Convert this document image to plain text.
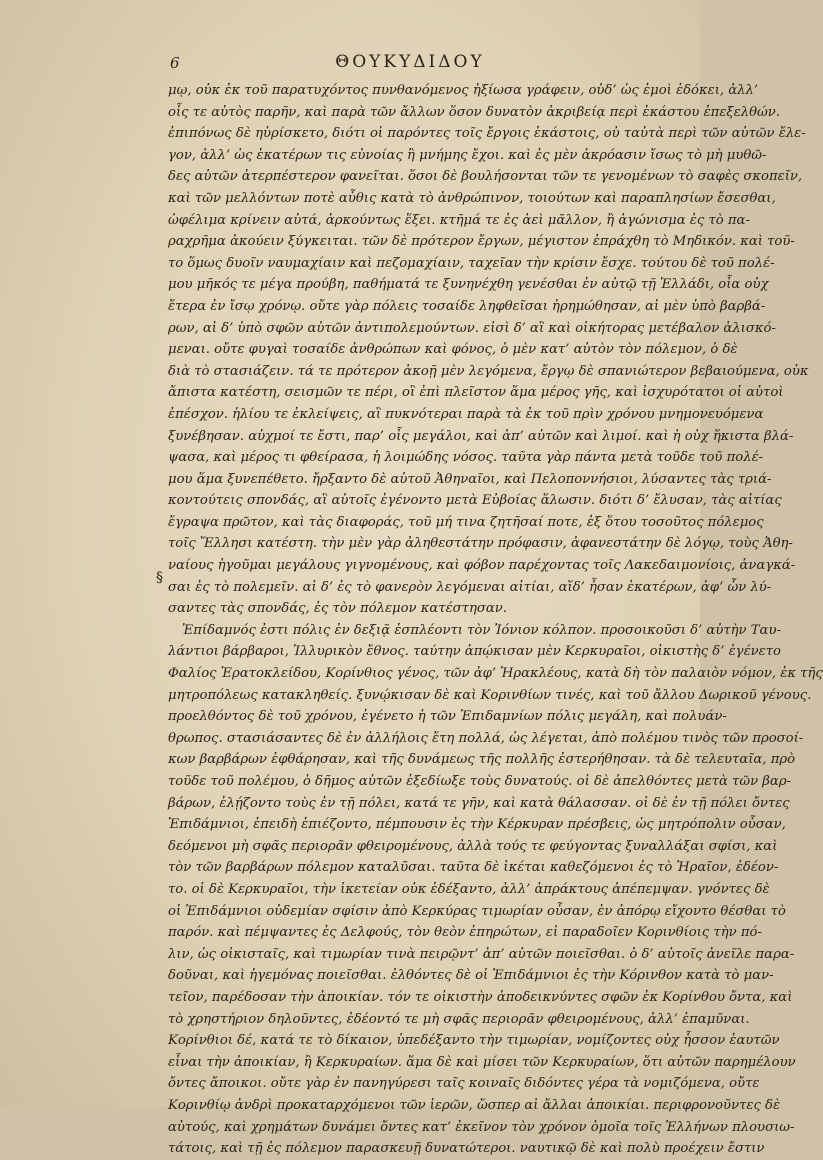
6	ΘΟΥΚΥΔΙΔΟΥ
§
μῳ, οὐκ ἐκ τοῦ παρατυχόντος πυνθανόμενος ἠξίωσα γράφειν, οὐδ’ ὡς ἐμοὶ ἐδόκει, ἀλλ’
οἷς τε αὐτὸς παρῆν, καὶ παρὰ τῶν ἄλλων ὅσον δυνατὸν ἀκριβείᾳ περὶ ἑκάστου ἐπεξελθών.
ἐπιπόνως δὲ ηὑρίσκετο, διότι οἱ παρόντες τοῖς ἔργοις ἑκάστοις, οὐ ταὐτὰ περὶ τῶν αὐτῶν ἔλε-
γον, ἀλλ’ ὡς ἑκατέρων τις εὐνοίας ἢ μνήμης ἔχοι. καὶ ἐς μὲν ἀκρόασιν ἴσως τὸ μὴ μυθῶ-
δες αὐτῶν ἀτερπέστερον φανεῖται. ὅσοι δὲ βουλήσονται τῶν τε γενομένων τὸ σαφὲς σκοπεῖν,
καὶ τῶν μελλόντων ποτὲ αὖθις κατὰ τὸ ἀνθρώπινον, τοιούτων καὶ παραπλησίων ἔσεσθαι,
ὠφέλιμα κρίνειν αὐτά, ἀρκούντως ἕξει. κτῆμά τε ἐς ἀεὶ μᾶλλον, ἢ ἀγώνισμα ἐς τὸ πα-
ραχρῆμα ἀκούειν ξύγκειται. τῶν δὲ πρότερον ἔργων, μέγιστον ἐπράχθη τὸ Μηδικόν. καὶ τοῦ-
το ὅμως δυοῖν ναυμαχίαιν καὶ πεζομαχίαιν, ταχεῖαν τὴν κρίσιν ἔσχε. τούτου δὲ τοῦ πολέ-
μου μῆκός τε μέγα προύβη, παθήματά τε ξυνηνέχθη γενέσθαι ἐν αὐτῷ τῇ Ἑλλάδι, οἷα οὐχ
ἕτερα ἐν ἴσῳ χρόνῳ. οὔτε γὰρ πόλεις τοσαίδε ληφθεῖσαι ἠρημώθησαν, αἱ μὲν ὑπὸ βαρβά-
ρων, αἱ δ’ ὑπὸ σφῶν αὐτῶν ἀντιπολεμούντων. εἰσὶ δ’ αἳ καὶ οἰκήτορας μετέβαλον ἁλισκό-
μεναι. οὔτε φυγαὶ τοσαίδε ἀνθρώπων καὶ φόνος, ὁ μὲν κατ’ αὐτὸν τὸν πόλεμον, ὁ δὲ
διὰ τὸ στασιάζειν. τά τε πρότερον ἀκοῇ μὲν λεγόμενα, ἔργῳ δὲ σπανιώτερον βεβαιούμενα, οὐκ
ἄπιστα κατέστη, σεισμῶν τε πέρι, οἳ ἐπὶ πλεῖστον ἅμα μέρος γῆς, καὶ ἰσχυρότατοι οἱ αὐτοὶ
ἐπέσχον. ἡλίου τε ἐκλείψεις, αἳ πυκνότεραι παρὰ τὰ ἐκ τοῦ πρὶν χρόνου μνημονευόμενα
ξυνέβησαν. αὐχμοί τε ἔστι, παρ’ οἷς μεγάλοι, καὶ ἀπ’ αὐτῶν καὶ λιμοί. καὶ ἡ οὐχ ἥκιστα βλά-
ψασα, καὶ μέρος τι φθείρασα, ἡ λοιμώδης νόσος. ταῦτα γὰρ πάντα μετὰ τοῦδε τοῦ πολέ-
μου ἅμα ξυνεπέθετο. ἤρξαντο δὲ αὐτοῦ Ἀθηναῖοι, καὶ Πελοποννήσιοι, λύσαντες τὰς τριά-
κοντούτεις σπονδάς, αἳ αὐτοῖς ἐγένοντο μετὰ Εὐβοίας ἅλωσιν. διότι δ’ ἔλυσαν, τὰς αἰτίας
ἔγραψα πρῶτον, καὶ τὰς διαφοράς, τοῦ μή τινα ζητῆσαί ποτε, ἐξ ὅτου τοσοῦτος πόλεμος
τοῖς Ἕλλησι κατέστη. τὴν μὲν γὰρ ἀληθεστάτην πρόφασιν, ἀφανεστάτην δὲ λόγῳ, τοὺς Ἀθη-
ναίους ἡγοῦμαι μεγάλους γιγνομένους, καὶ φόβον παρέχοντας τοῖς Λακεδαιμονίοις, ἀναγκά-
σαι ἐς τὸ πολεμεῖν. αἱ δ’ ἐς τὸ φανερὸν λεγόμεναι αἰτίαι, αἵδ’ ἦσαν ἑκατέρων, ἀφ’ ὧν λύ-
σαντες τὰς σπονδάς, ἐς τὸν πόλεμον κατέστησαν.
Ἐπίδαμνός ἐστι πόλις ἐν δεξιᾷ ἐσπλέοντι τὸν Ἰόνιον κόλπον. προσοικοῦσι δ’ αὐτὴν Ταυ-
λάντιοι βάρβαροι, Ἰλλυρικὸν ἔθνος. ταύτην ἀπῴκισαν μὲν Κερκυραῖοι, οἰκιστὴς δ’ ἐγένετο
Φαλίος Ἐρατοκλείδου, Κορίνθιος γένος, τῶν ἀφ’ Ἡρακλέους, κατὰ δὴ τὸν παλαιὸν νόμον, ἐκ τῆς
μητροπόλεως κατακληθείς. ξυνῴκισαν δὲ καὶ Κορινθίων τινές, καὶ τοῦ ἄλλου Δωρικοῦ γένους.
προελθόντος δὲ τοῦ χρόνου, ἐγένετο ἡ τῶν Ἐπιδαμνίων πόλις μεγάλη, καὶ πολυάν-
θρωπος. στασιάσαντες δὲ ἐν ἀλλήλοις ἔτη πολλά, ὡς λέγεται, ἀπὸ πολέμου τινὸς τῶν προσοί-
κων βαρβάρων ἐφθάρησαν, καὶ τῆς δυνάμεως τῆς πολλῆς ἐστερήθησαν. τὰ δὲ τελευταῖα, πρὸ
τοῦδε τοῦ πολέμου, ὁ δῆμος αὐτῶν ἐξεδίωξε τοὺς δυνατούς. οἱ δὲ ἀπελθόντες μετὰ τῶν βαρ-
βάρων, ἐλῄζοντο τοὺς ἐν τῇ πόλει, κατά τε γῆν, καὶ κατὰ θάλασσαν. οἱ δὲ ἐν τῇ πόλει ὄντες
Ἐπιδάμνιοι, ἐπειδὴ ἐπιέζοντο, πέμπουσιν ἐς τὴν Κέρκυραν πρέσβεις, ὡς μητρόπολιν οὖσαν,
δεόμενοι μὴ σφᾶς περιορᾶν φθειρομένους, ἀλλὰ τούς τε φεύγοντας ξυναλλάξαι σφίσι, καὶ
τὸν τῶν βαρβάρων πόλεμον καταλῦσαι. ταῦτα δὲ ἱκέται καθεζόμενοι ἐς τὸ Ἡραῖον, ἐδέον-
το. οἱ δὲ Κερκυραῖοι, τὴν ἱκετείαν οὐκ ἐδέξαντο, ἀλλ’ ἀπράκτους ἀπέπεμψαν. γνόντες δὲ
οἱ Ἐπιδάμνιοι οὐδεμίαν σφίσιν ἀπὸ Κερκύρας τιμωρίαν οὖσαν, ἐν ἀπόρῳ εἴχοντο θέσθαι τὸ
παρόν. καὶ πέμψαντες ἐς Δελφούς, τὸν θεὸν ἐπηρώτων, εἰ παραδοῖεν Κορινθίοις τὴν πό-
λιν, ὡς οἰκισταῖς, καὶ τιμωρίαν τινὰ πειρῷντ’ ἀπ’ αὐτῶν ποιεῖσθαι. ὁ δ’ αὐτοῖς ἀνεῖλε παρα-
δοῦναι, καὶ ἡγεμόνας ποιεῖσθαι. ἐλθόντες δὲ οἱ Ἐπιδάμνιοι ἐς τὴν Κόρινθον κατὰ τὸ μαν-
τεῖον, παρέδοσαν τὴν ἀποικίαν. τόν τε οἰκιστὴν ἀποδεικνύντες σφῶν ἐκ Κορίνθου ὄντα, καὶ
τὸ χρηστήριον δηλοῦντες, ἐδέοντό τε μὴ σφᾶς περιορᾶν φθειρομένους, ἀλλ’ ἐπαμῦναι.
Κορίνθιοι δέ, κατά τε τὸ δίκαιον, ὑπεδέξαντο τὴν τιμωρίαν, νομίζοντες οὐχ ἧσσον ἑαυτῶν
εἶναι τὴν ἀποικίαν, ἢ Κερκυραίων. ἅμα δὲ καὶ μίσει τῶν Κερκυραίων, ὅτι αὐτῶν παρημέλουν
ὄντες ἄποικοι. οὔτε γὰρ ἐν πανηγύρεσι ταῖς κοιναῖς διδόντες γέρα τὰ νομιζόμενα, οὔτε
Κορινθίῳ ἀνδρὶ προκαταρχόμενοι τῶν ἱερῶν, ὥσπερ αἱ ἄλλαι ἀποικίαι. περιφρονοῦντες δὲ
αὐτούς, καὶ χρημάτων δυνάμει ὄντες κατ’ ἐκεῖνον τὸν χρόνον ὁμοῖα τοῖς Ἑλλήνων πλουσιω-
τάτοις, καὶ τῇ ἐς πόλεμον παρασκευῇ δυνατώτεροι. ναυτικῷ δὲ καὶ πολὺ προέχειν ἔστιν
